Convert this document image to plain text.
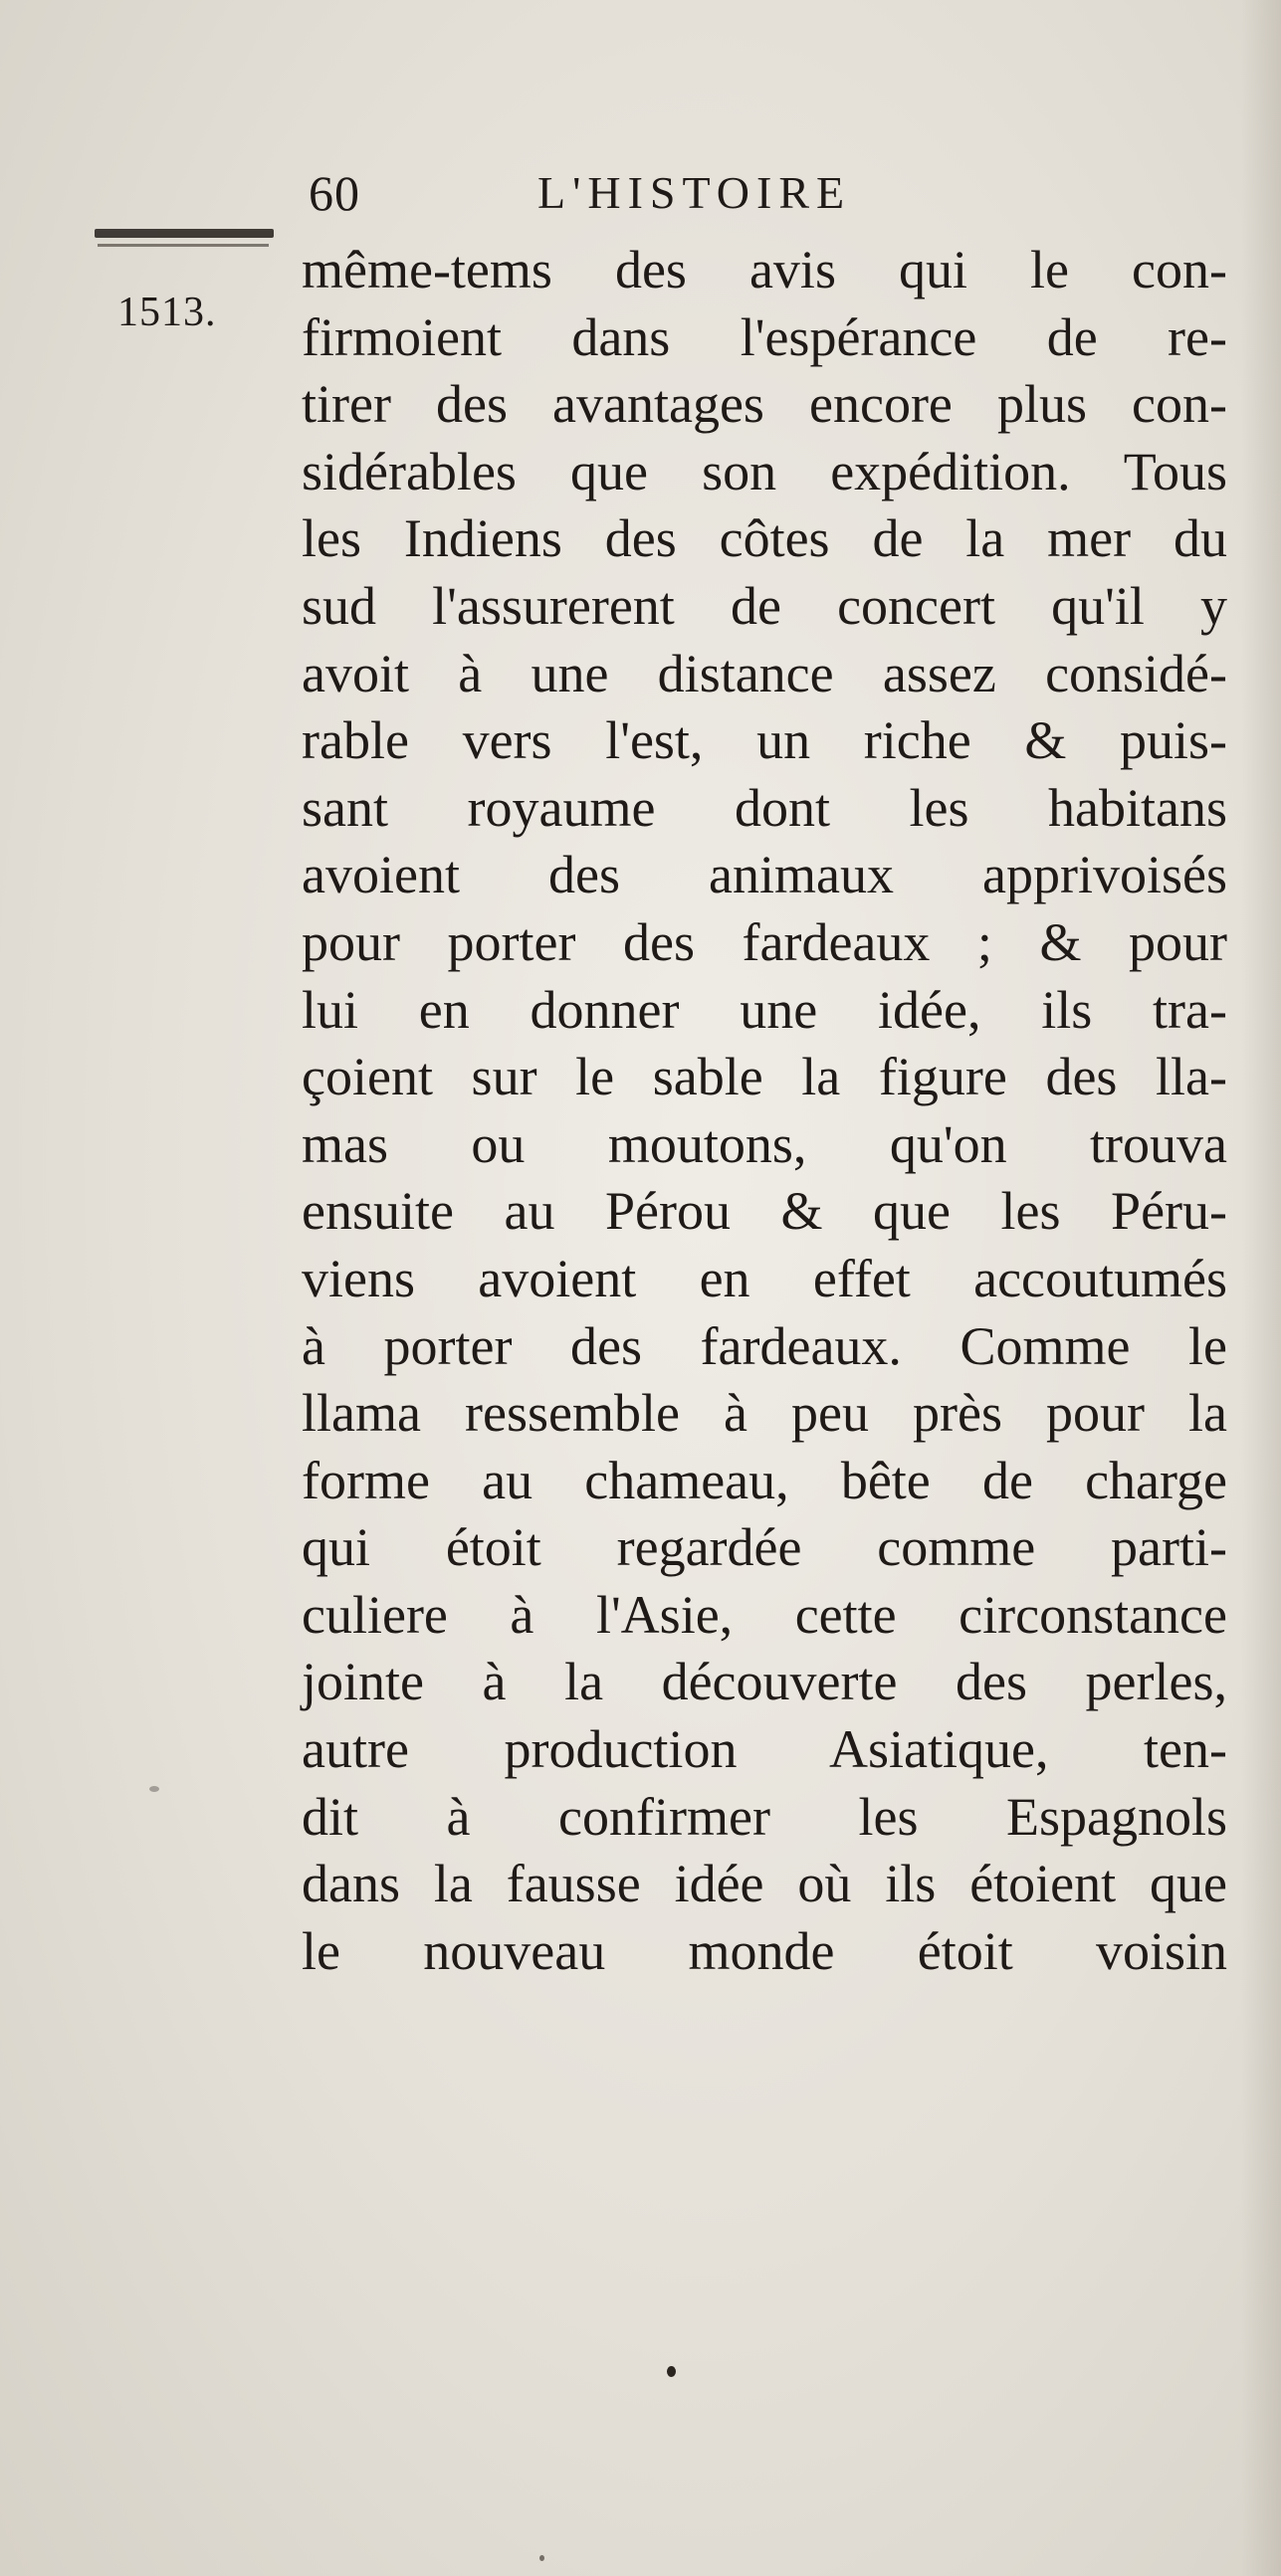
60	L'HISTOIRE
1513.
même-tems des avis qui le con-
firmoient dans l'espérance de re-
tirer des avantages encore plus con-
sidérables que son expédition. Tous
les Indiens des côtes de la mer du
sud l'assurerent de concert qu'il y
avoit à une distance assez considé-
rable vers l'est, un riche & puis-
sant royaume dont les habitans
avoient des animaux apprivoisés
pour porter des fardeaux ; & pour
lui en donner une idée, ils tra-
çoient sur le sable la figure des lla-
mas ou moutons, qu'on trouva
ensuite au Pérou & que les Péru-
viens avoient en effet accoutumés
à porter des fardeaux. Comme le
llama ressemble à peu près pour la
forme au chameau, bête de charge
qui étoit regardée comme parti-
culiere à l'Asie, cette circonstance
jointe à la découverte des perles,
autre production Asiatique, ten-
dit à confirmer les Espagnols
dans la fausse idée où ils étoient que
le nouveau monde étoit voisin
